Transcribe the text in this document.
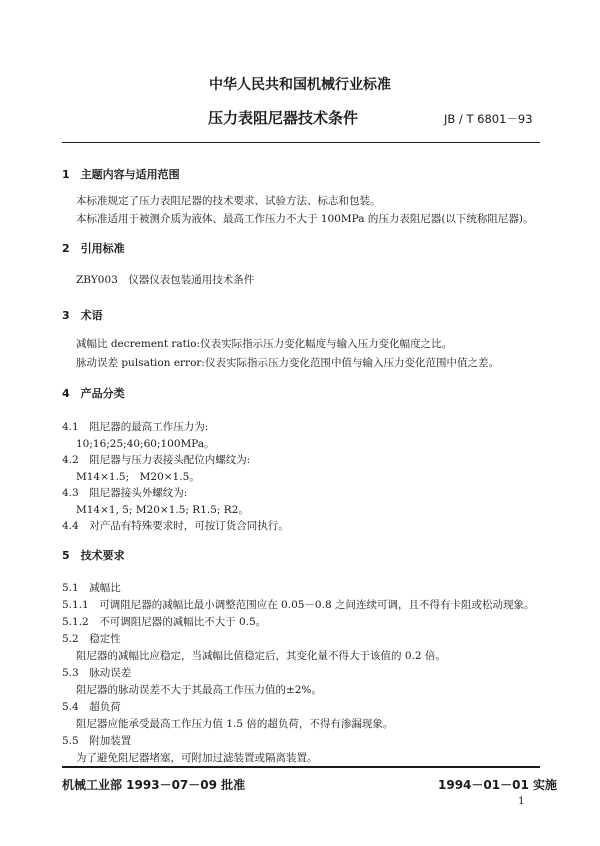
中华人民共和国机械行业标准
压力表阻尼器技术条件	JB / T 6801－93
1　主题内容与适用范围
本标准规定了压力表阻尼器的技术要求、试验方法、标志和包装。
本标准适用于被测介质为液体、最高工作压力不大于 100MPa 的压力表阻尼器(以下统称阻尼器)。
2　引用标准
ZBY003　仪器仪表包装通用技术条件
3　术语
减幅比 decrement ratio:仪表实际指示压力变化幅度与输入压力变化幅度之比。
脉动误差 pulsation error:仪表实际指示压力变化范围中值与输入压力变化范围中值之差。
4　产品分类
4.1　阻尼器的最高工作压力为:
10;16;25;40;60;100MPa。
4.2　阻尼器与压力表接头配位内螺纹为:
M14×1.5;　M20×1.5。
4.3　阻尼器接头外螺纹为:
M14×1, 5; M20×1.5; R1.5; R2。
4.4　对产品有特殊要求时，可按订货合同执行。
5　技术要求
5.1　减幅比
5.1.1　可调阻尼器的减幅比最小调整范围应在 0.05－0.8 之间连续可调，且不得有卡阻或松动现象。
5.1.2　不可调阻尼器的减幅比不大于 0.5。
5.2　稳定性
阻尼器的减幅比应稳定，当减幅比值稳定后，其变化量不得大于该值的 0.2 倍。
5.3　脉动误差
阻尼器的脉动误差不大于其最高工作压力值的±2%。
5.4　超负荷
阻尼器应能承受最高工作压力值 1.5 倍的超负荷，不得有渗漏现象。
5.5　附加装置
为了避免阻尼器堵塞，可附加过滤装置或隔离装置。
机械工业部 1993－07－09 批准	1994－01－01 实施
1
